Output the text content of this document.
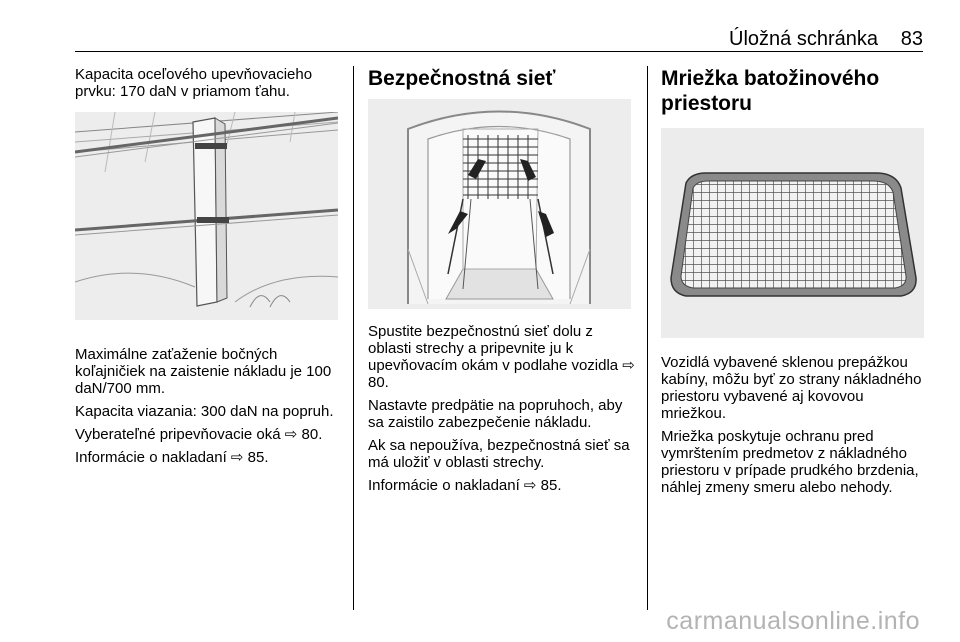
Úložná schránka 83

Kapacita oceľového upevňovacieho prvku: 170 daN v priamom ťahu.

Maximálne zaťaženie bočných koľajničiek na zaistenie nákladu je 100 daN/700 mm.

Kapacita viazania: 300 daN na popruh.

Vyberateľné pripevňovacie oká ⇨ 80.

Informácie o nakladaní ⇨ 85.

Bezpečnostná sieť

Spustite bezpečnostnú sieť dolu z oblasti strechy a pripevnite ju k upevňovacím okám v podlahe vozidla ⇨ 80.

Nastavte predpätie na popruhoch, aby sa zaistilo zabezpečenie nákladu.

Ak sa nepoužíva, bezpečnostná sieť sa má uložiť v oblasti strechy.

Informácie o nakladaní ⇨ 85.

Mriežka batožinového priestoru

Vozidlá vybavené sklenou prepážkou kabíny, môžu byť zo strany nákladného priestoru vybavené aj kovovou mriežkou.

Mriežka poskytuje ochranu pred vymrštením predmetov z nákladného priestoru v prípade prudkého brzdenia, náhlej zmeny smeru alebo nehody.

carmanualsonline.info
